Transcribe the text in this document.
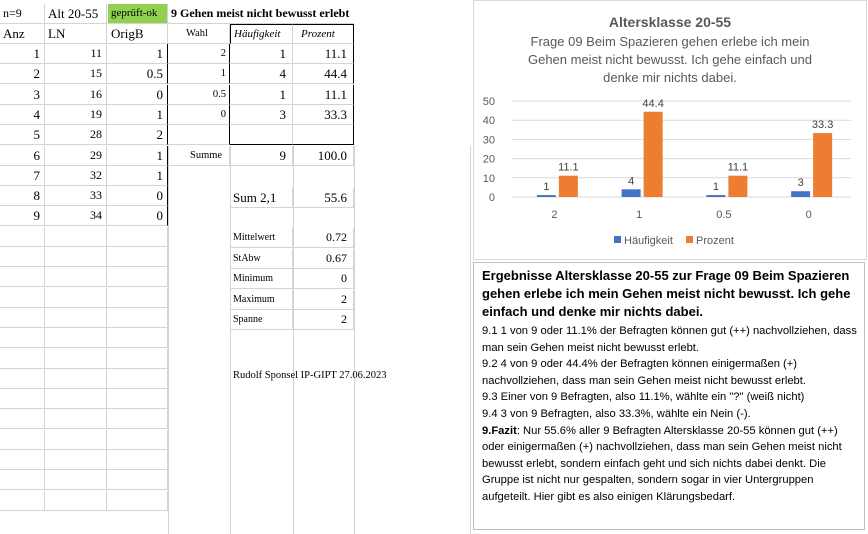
n=9	Alt 20-55	geprüft-ok	9 Gehen meist nicht bewusst erlebt
Anz	LN	OrigB	Wahl	Häufigkeit	Prozent
1	11	1
2	15	0.5
3	16	0
4	19	1
5	28	2
6	29	1
7	32	1
8	33	0
9	34	0
2	1	11.1
1	4	44.4
0.5	1	11.1
0	3	33.3
Summe	9	100.0
Sum 2,1	55.6
Mittelwert	0.72
StAbw	0.67
Minimum	0
Maximum	2
Spanne	2
Rudolf Sponsel IP-GIPT 27.06.2023
Altersklasse 20-55
Frage 09 Beim Spazieren gehen erlebe ich mein
Gehen meist nicht bewusst. Ich gehe einfach und
denke mir nichts dabei.
0
10
20
30
40
50
2
1
11.1
1
4
44.4
0.5
1
11.1
0
3
33.3
Häufigkeit Prozent

Ergebnisse Altersklasse 20-55 zur Frage 09 Beim Spazieren gehen erlebe ich mein Gehen meist nicht bewusst. Ich gehe einfach und denke mir nichts dabei.

9.1 1 von 9 oder 11.1% der Befragten können gut (++) nachvollziehen, dass man sein Gehen meist nicht bewusst erlebt.

9.2 4 von 9 oder 44.4% der Befragten können einigermaßen (+) nachvollziehen, dass man sein Gehen meist nicht bewusst erlebt.

9.3 Einer von 9 Befragten, also 11.1%, wählte ein "?" (weiß nicht)

9.4 3 von 9 Befragten, also 33.3%, wählte ein Nein (-).

9.Fazit: Nur 55.6% aller 9 Befragten Altersklasse 20-55 können gut (++) oder einigermaßen (+) nachvollziehen, dass man sein Gehen meist nicht bewusst erlebt, sondern einfach geht und sich nichts dabei denkt. Die Gruppe ist nicht nur gespalten, sondern sogar in vier Untergruppen aufgeteilt. Hier gibt es also einigen Klärungsbedarf.
